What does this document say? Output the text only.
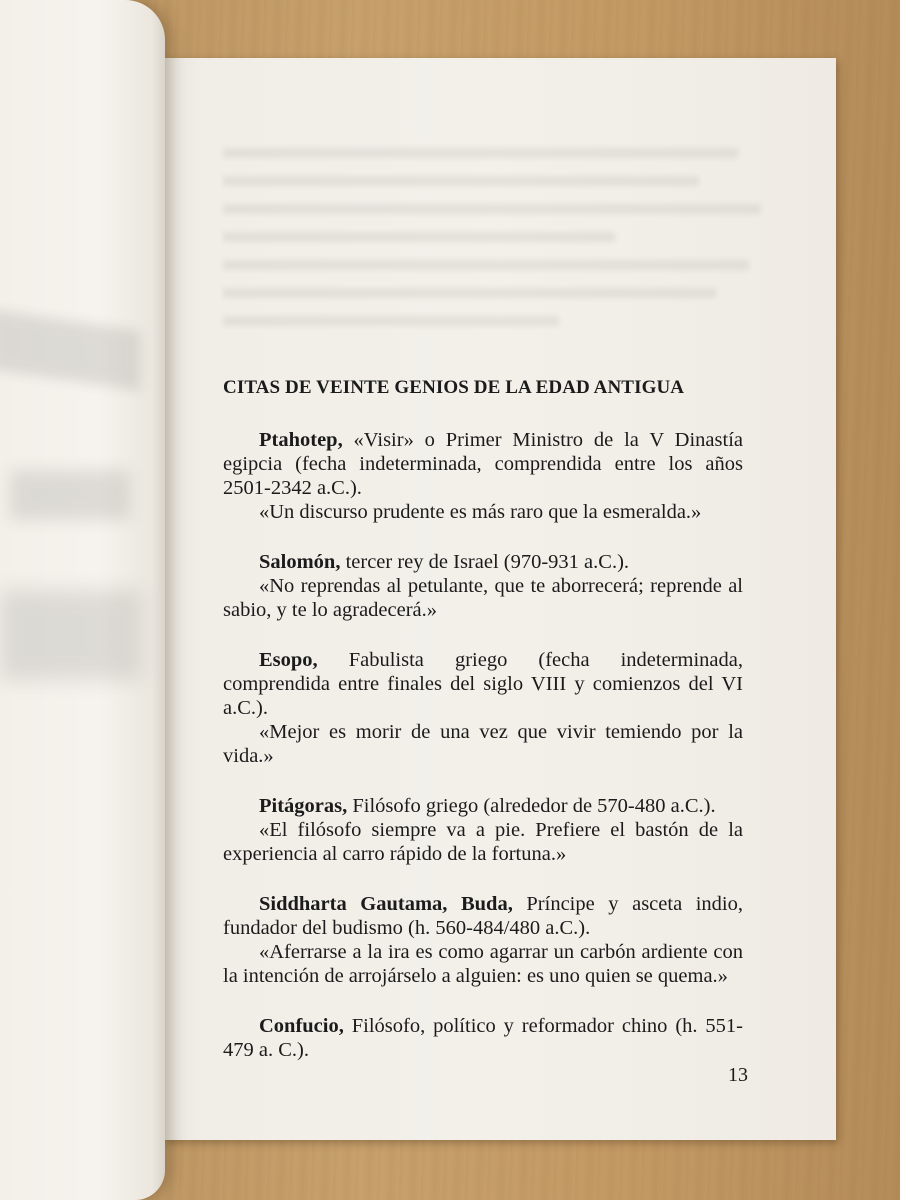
CITAS DE VEINTE GENIOS DE LA EDAD ANTIGUA

Ptahotep, «Visir» o Primer Ministro de la V Dinastía egipcia (fecha indeterminada, comprendida entre los años 2501-2342 a.C.).

«Un discurso prudente es más raro que la esmeralda.»

Salomón, tercer rey de Israel (970-931 a.C.).

«No reprendas al petulante, que te aborrecerá; reprende al sabio, y te lo agradecerá.»

Esopo, Fabulista griego (fecha indeterminada, comprendida entre finales del siglo VIII y comienzos del VI a.C.).

«Mejor es morir de una vez que vivir temiendo por la vida.»

Pitágoras, Filósofo griego (alrededor de 570-480 a.C.).

«El filósofo siempre va a pie. Prefiere el bastón de la experiencia al carro rápido de la fortuna.»

Siddharta Gautama, Buda, Príncipe y asceta indio, fundador del budismo (h. 560-484/480 a.C.).

«Aferrarse a la ira es como agarrar un carbón ardiente con la intención de arrojárselo a alguien: es uno quien se quema.»

Confucio, Filósofo, político y reformador chino (h. 551-479 a. C.).

13
